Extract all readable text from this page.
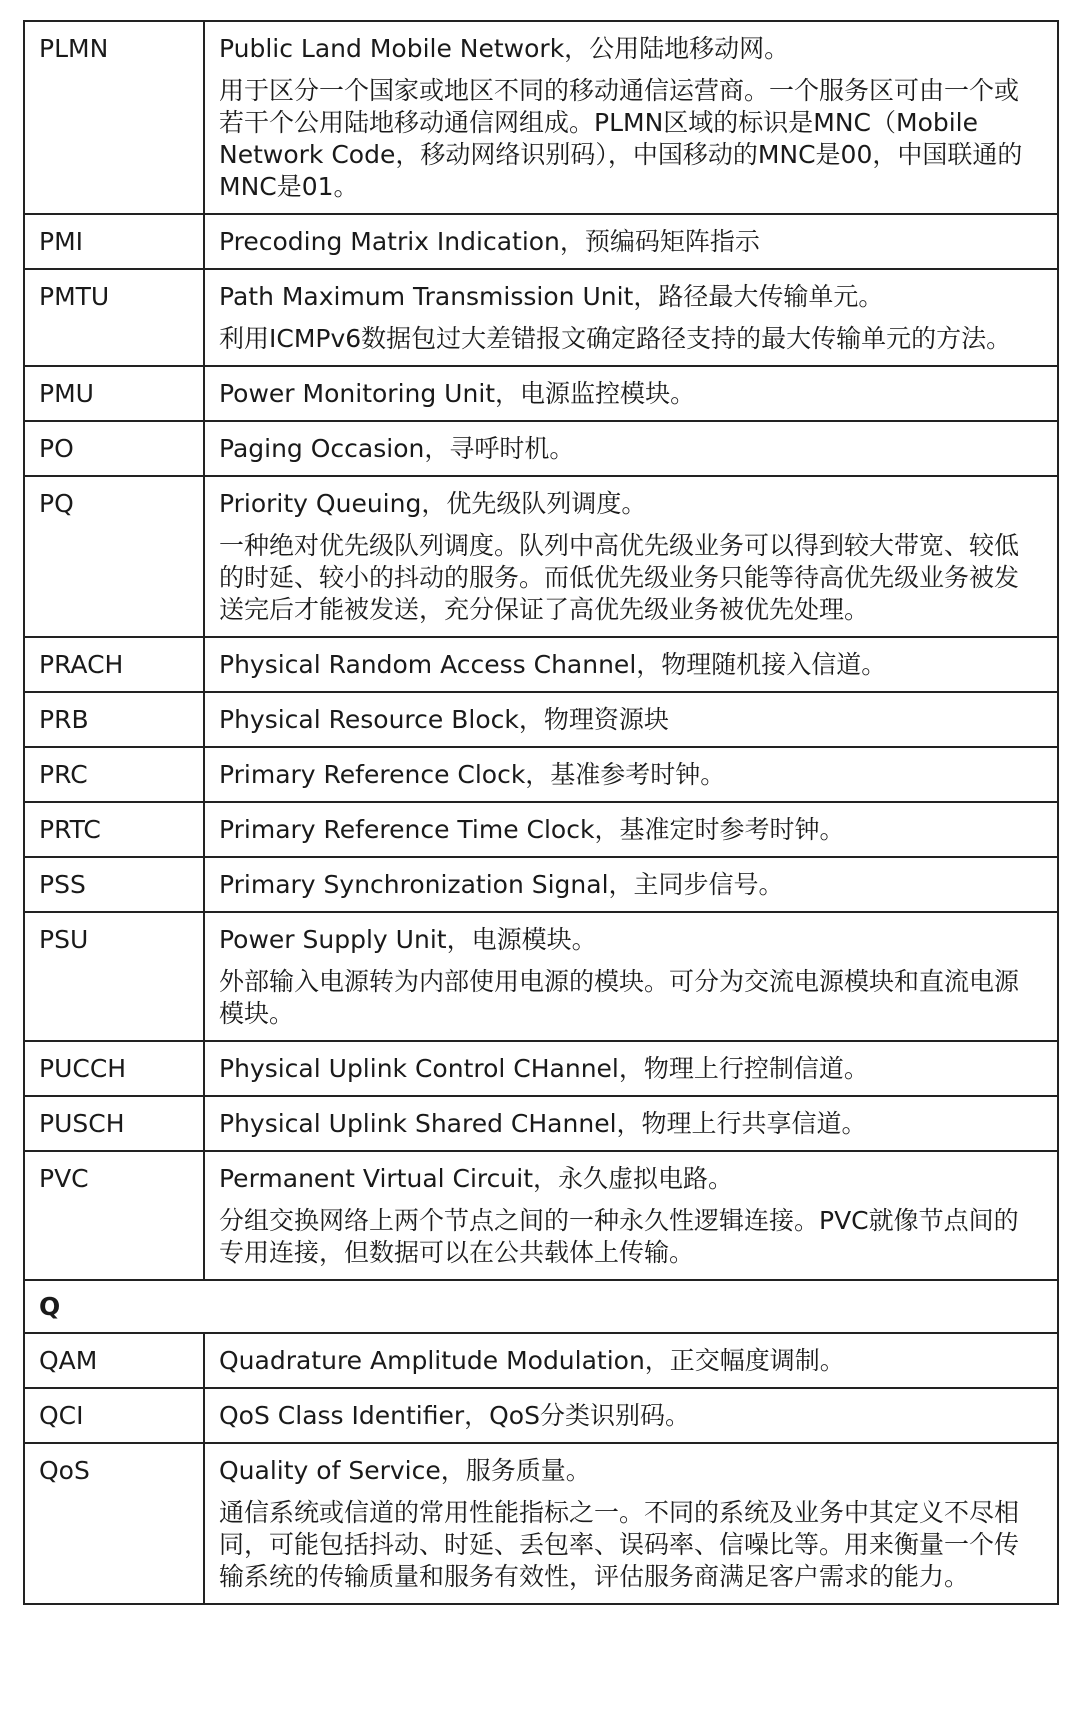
PLMN	Public Land Mobile Network，公用陆地移动网。

用于区分一个国家或地区不同的移动通信运营商。一个服务区可由一个或若干个公用陆地移动通信网组成。PLMN区域的标识是MNC（Mobile Network Code，移动网络识别码），中国移动的MNC是00，中国联通的MNC是01。

PMI	Precoding Matrix Indication，预编码矩阵指示

PMTU	Path Maximum Transmission Unit，路径最大传输单元。

利用ICMPv6数据包过大差错报文确定路径支持的最大传输单元的方法。

PMU	Power Monitoring Unit，电源监控模块。

PO	Paging Occasion，寻呼时机。

PQ	Priority Queuing，优先级队列调度。

一种绝对优先级队列调度。队列中高优先级业务可以得到较大带宽、较低的时延、较小的抖动的服务。而低优先级业务只能等待高优先级业务被发送完后才能被发送，充分保证了高优先级业务被优先处理。

PRACH	Physical Random Access Channel，物理随机接入信道。

PRB	Physical Resource Block，物理资源块

PRC	Primary Reference Clock，基准参考时钟。

PRTC	Primary Reference Time Clock，基准定时参考时钟。

PSS	Primary Synchronization Signal，主同步信号。

PSU	Power Supply Unit，电源模块。

外部输入电源转为内部使用电源的模块。可分为交流电源模块和直流电源模块。

PUCCH	Physical Uplink Control CHannel，物理上行控制信道。

PUSCH	Physical Uplink Shared CHannel，物理上行共享信道。

PVC	Permanent Virtual Circuit，永久虚拟电路。

分组交换网络上两个节点之间的一种永久性逻辑连接。PVC就像节点间的专用连接，但数据可以在公共载体上传输。

Q	
QAM	Quadrature Amplitude Modulation，正交幅度调制。

QCI	QoS Class Identifier，QoS分类识别码。

QoS	Quality of Service，服务质量。

通信系统或信道的常用性能指标之一。不同的系统及业务中其定义不尽相同，可能包括抖动、时延、丢包率、误码率、信噪比等。用来衡量一个传输系统的传输质量和服务有效性，评估服务商满足客户需求的能力。
